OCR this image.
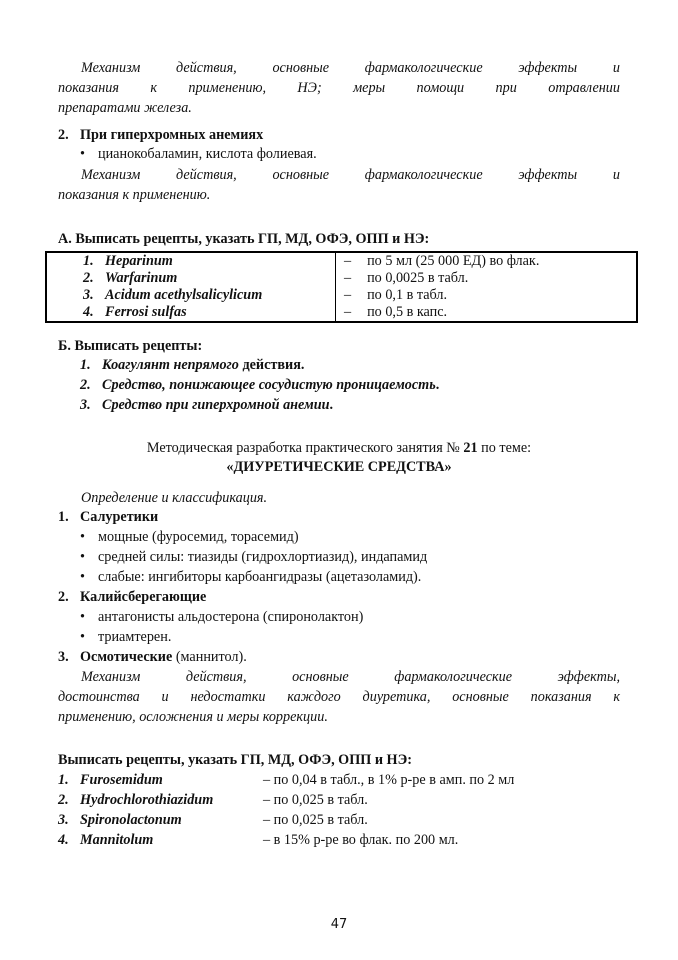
Механизм действия, основные фармакологические эффекты и

показания к применению, НЭ; меры помощи при отравлении

препаратами железа.

2. При гиперхромных анемиях
• цианокобаламин, кислота фолиевая.

Механизм действия, основные фармакологические эффекты и

показания к применению.

А. Выписать рецепты, указать ГП, МД, ОФЭ, ОПП и НЭ:
1. Heparinum	– по 5 мл (25 000 ЕД) во флак.
2. Warfarinum	– по 0,0025 в табл.
3. Acidum acethylsalicylicum	– по 0,1 в табл.
4. Ferrosi sulfas	– по 0,5 в капс.
Б. Выписать рецепты:
1. Коагулянт непрямого действия.
2. Средство, понижающее сосудистую проницаемость.
3. Средство при гиперхромной анемии.
Методическая разработка практического занятия № 21 по теме:
«ДИУРЕТИЧЕСКИЕ СРЕДСТВА»
Определение и классификация.
1. Салуретики
• мощные (фуросемид, торасемид)
• средней силы: тиазиды (гидрохлортиазид), индапамид
• слабые: ингибиторы карбоангидразы (ацетазоламид).
2. Калийсберегающие
• антагонисты альдостерона (спиронолактон)
• триамтерен.
3. Осмотические (маннитол).

Механизм действия, основные фармакологические эффекты,

достоинства и недостатки каждого диуретика, основные показания к

применению, осложнения и меры коррекции.

Выписать рецепты, указать ГП, МД, ОФЭ, ОПП и НЭ:
1. Furosemidum	– по 0,04 в табл., в 1% р-ре в амп. по 2 мл
2. Hydrochlorothiazidum	– по 0,025 в табл.
3. Spironolactonum	– по 0,025 в табл.
4. Mannitolum	– в 15% р-ре во флак. по 200 мл.
47
